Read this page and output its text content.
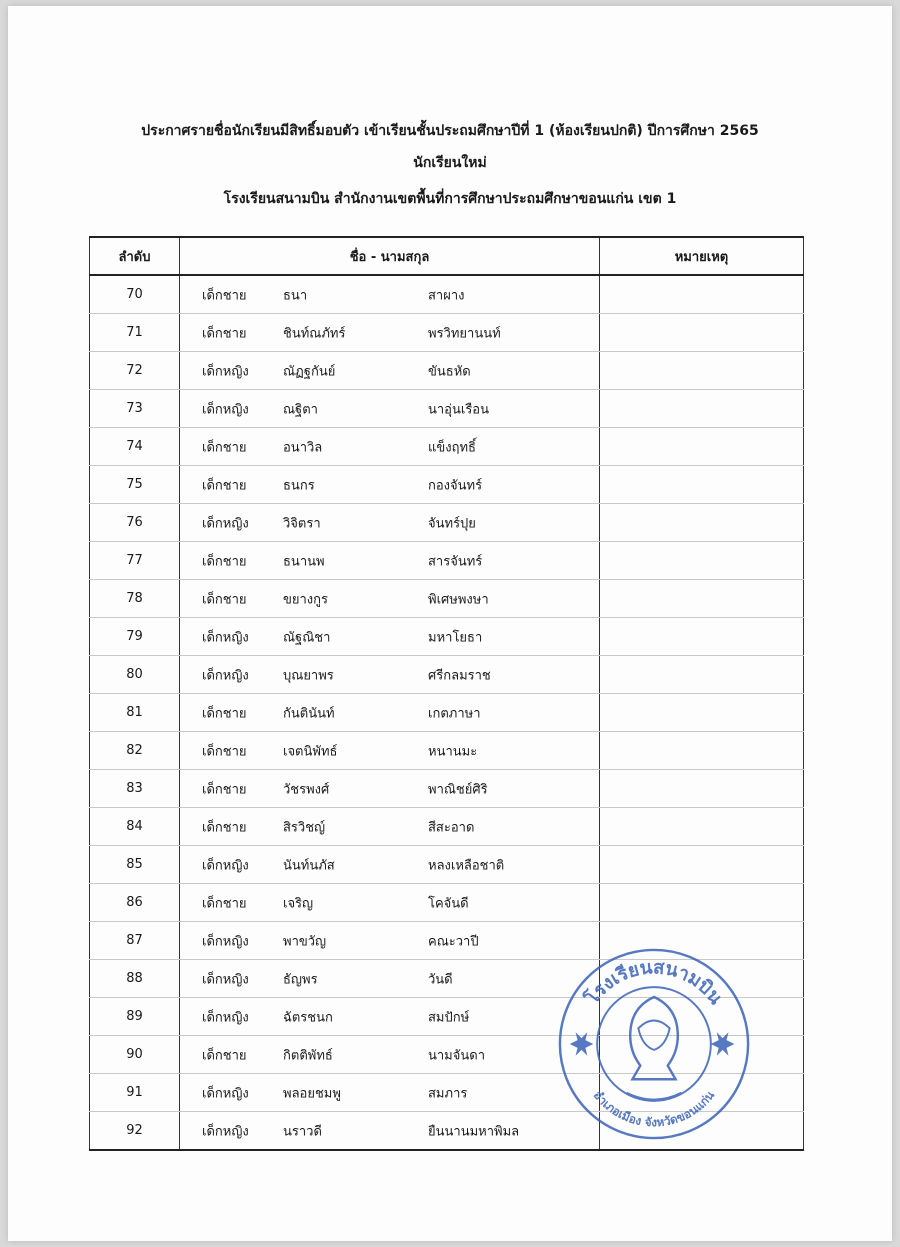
ประกาศรายชื่อนักเรียนมีสิทธิ์มอบตัว เข้าเรียนชั้นประถมศึกษาปีที่ 1 (ห้องเรียนปกติ) ปีการศึกษา 2565
นักเรียนใหม่
โรงเรียนสนามบิน สำนักงานเขตพื้นที่การศึกษาประถมศึกษาขอนแก่น เขต 1
ลำดับ	ชื่อ - นามสกุล	หมายเหตุ
70	เด็กชาย ธนา สาผาง	

71	เด็กชาย ชินท์ณภัทร์ พรวิทยานนท์	

72	เด็กหญิง ณัฏฐกันย์ ขันธหัด	

73	เด็กหญิง ณฐิตา นาอุ่นเรือน	

74	เด็กชาย อนาวิล แข็งฤทธิ์	

75	เด็กชาย ธนกร กองจันทร์	

76	เด็กหญิง วิจิตรา จันทร์ปุย	

77	เด็กชาย ธนานพ สารจันทร์	

78	เด็กชาย ขยางกูร พิเศษพงษา	

79	เด็กหญิง ณัฐณิชา มหาโยธา	

80	เด็กหญิง บุณยาพร ศรีกลมราช	

81	เด็กชาย กันตินันท์ เกตภาษา	

82	เด็กชาย เจตนิพัทธ์ หนานมะ	

83	เด็กชาย วัชรพงศ์ พาณิชย์ศิริ	

84	เด็กชาย สิรวิชญ์ สีสะอาด	

85	เด็กหญิง นันท์นภัส หลงเหลือชาติ	

86	เด็กชาย เจริญ โคจันดี	

87	เด็กหญิง พาขวัญ คณะวาปี	

88	เด็กหญิง ธัญพร วันดี	

89	เด็กหญิง ฉัตรชนก สมปักษ์	

90	เด็กชาย กิตติพัทธ์ นามจันดา	

91	เด็กหญิง พลอยชมพู สมภาร	

92	เด็กหญิง นราวดี ยืนนานมหาพิมล	

โรงเรียนสนามบิน
อำเภอเมือง จังหวัดขอนแก่น
